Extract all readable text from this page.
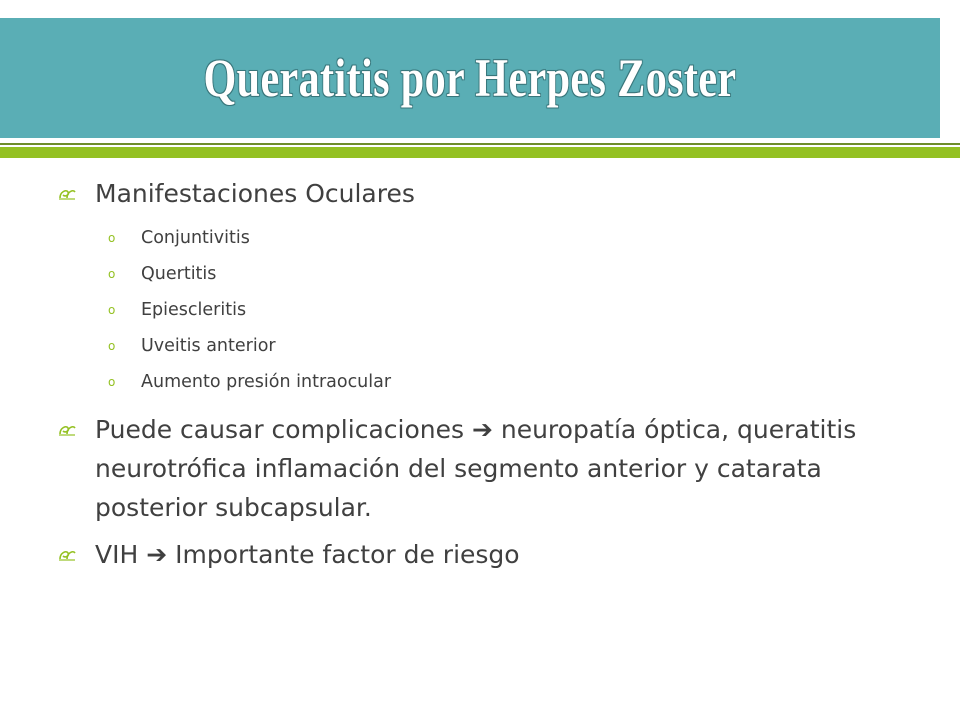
Queratitis por Herpes Zoster
Manifestaciones Oculares
o Conjuntivitis
o Quertitis
o Epiescleritis
o Uveitis anterior
o Aumento presión intraocular
Puede causar complicaciones ➔ neuropatía óptica, queratitis neurotrófica inflamación del segmento anterior y catarata posterior subcapsular.
VIH ➔ Importante factor de riesgo
